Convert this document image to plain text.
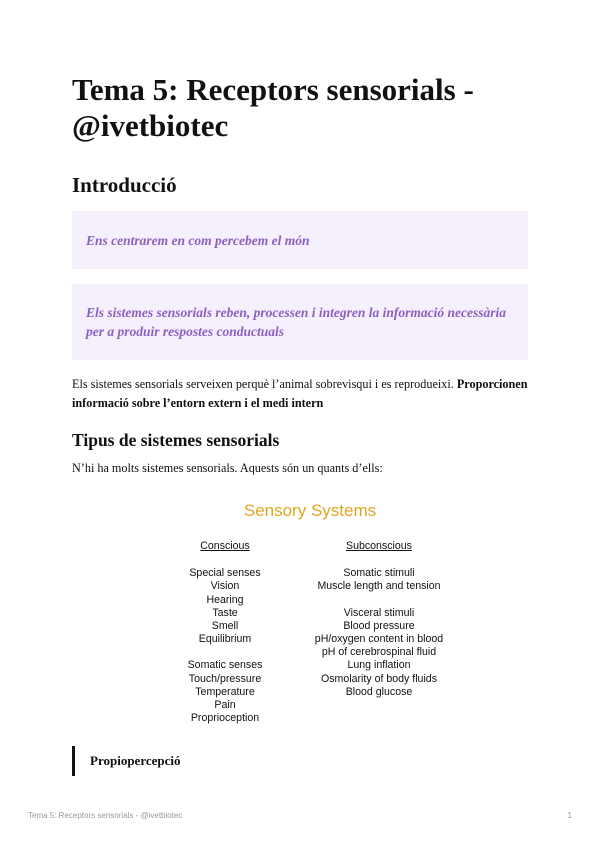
Tema 5: Receptors sensorials - @ivetbiotec
Introducció
Ens centrarem en com percebem el món
Els sistemes sensorials reben, processen i integren la informació necessària per a produir respostes conductuals

Els sistemes sensorials serveixen perquè l’animal sobrevisqui i es reprodueixi. Proporcionen informació sobre l’entorn extern i el medi intern

Tipus de sistemes sensorials

N’hi ha molts sistemes sensorials. Aquests són un quants d’ells:

Sensory Systems
Conscious
Special senses
Vision
Hearing
Taste
Smell
Equilibrium
Somatic senses
Touch/pressure
Temperature
Pain
Proprioception
Subconscious
Somatic stimuli
Muscle length and tension
Visceral stimuli
Blood pressure
pH/oxygen content in blood
pH of cerebrospinal fluid
Lung inflation
Osmolarity of body fluids
Blood glucose
Propiopercepció
Tema 5: Receptors sensorials - @ivetbiotec	1
